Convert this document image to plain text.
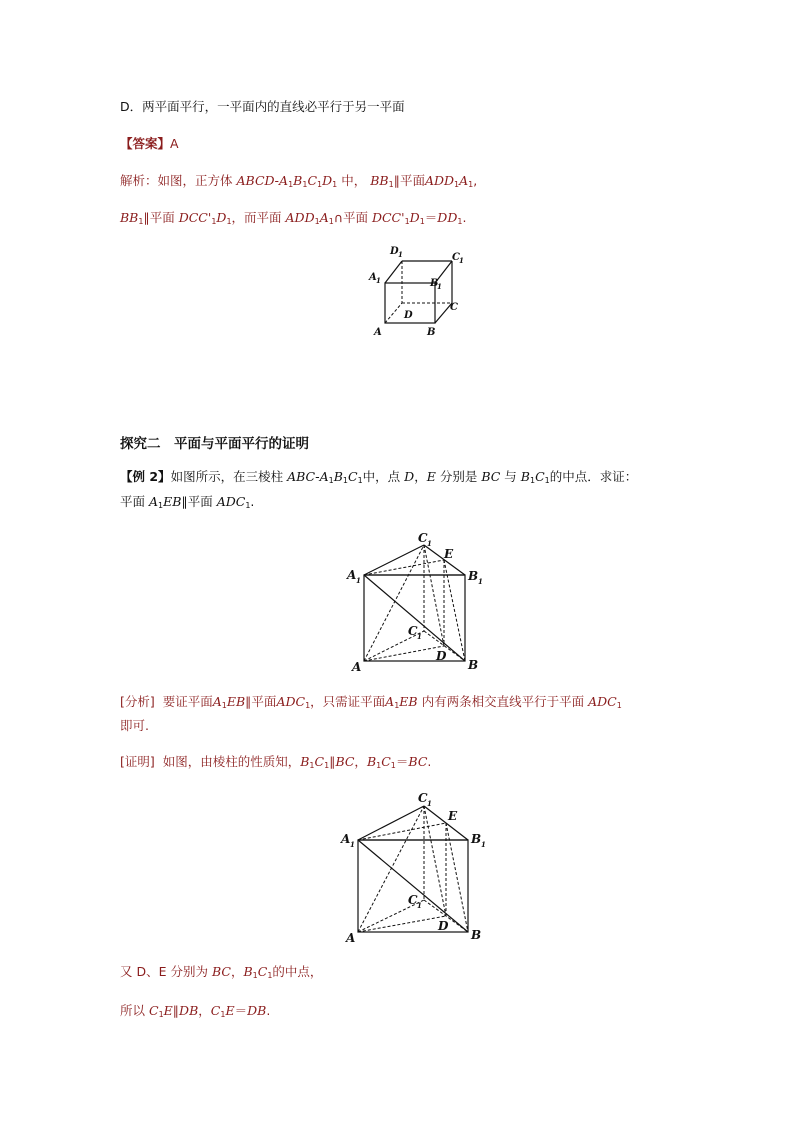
D．两平面平行，一平面内的直线必平行于另一平面
【答案】A
解析：如图，正方体 ABCD-$A_1B_1C_1D_1$ 中， $BB_1\parallel$平面$ADD_1A_1$,
$BB_1\parallel$平面 $DCC'_1D_1$，而平面 $ADD_1A_1\cap$平面 $DCC'_1D_1=DD_1$.
A	B
C
D
A 1	B
1
C 1
D 1
探究二　平面与平面平行的证明
【例 2】如图所示，在三棱柱 ABC-$A_1B_1C_1$中，点 D，E 分别是 BC 与 $B_1C_1$的中点．求证：
平面 $A_1EB\parallel$平面 $ADC_1$.
A	B
C 1
A 1	B 1
C 1
D
E
[分析] 要证平面$A_1EB\parallel$平面$ADC_1$，只需证平面$A_1EB$ 内有两条相交直线平行于平面 $ADC_1$
即可.
[证明] 如图，由棱柱的性质知，$B_1C_1\parallel BC$，$B_1C_1=BC$.
A	B
C 1
A 1	B 1
C 1
D
E
又 D、E 分别为 BC，$B_1C_1$的中点，
所以 $C_1E\parallel DB$，$C_1E=DB$.
